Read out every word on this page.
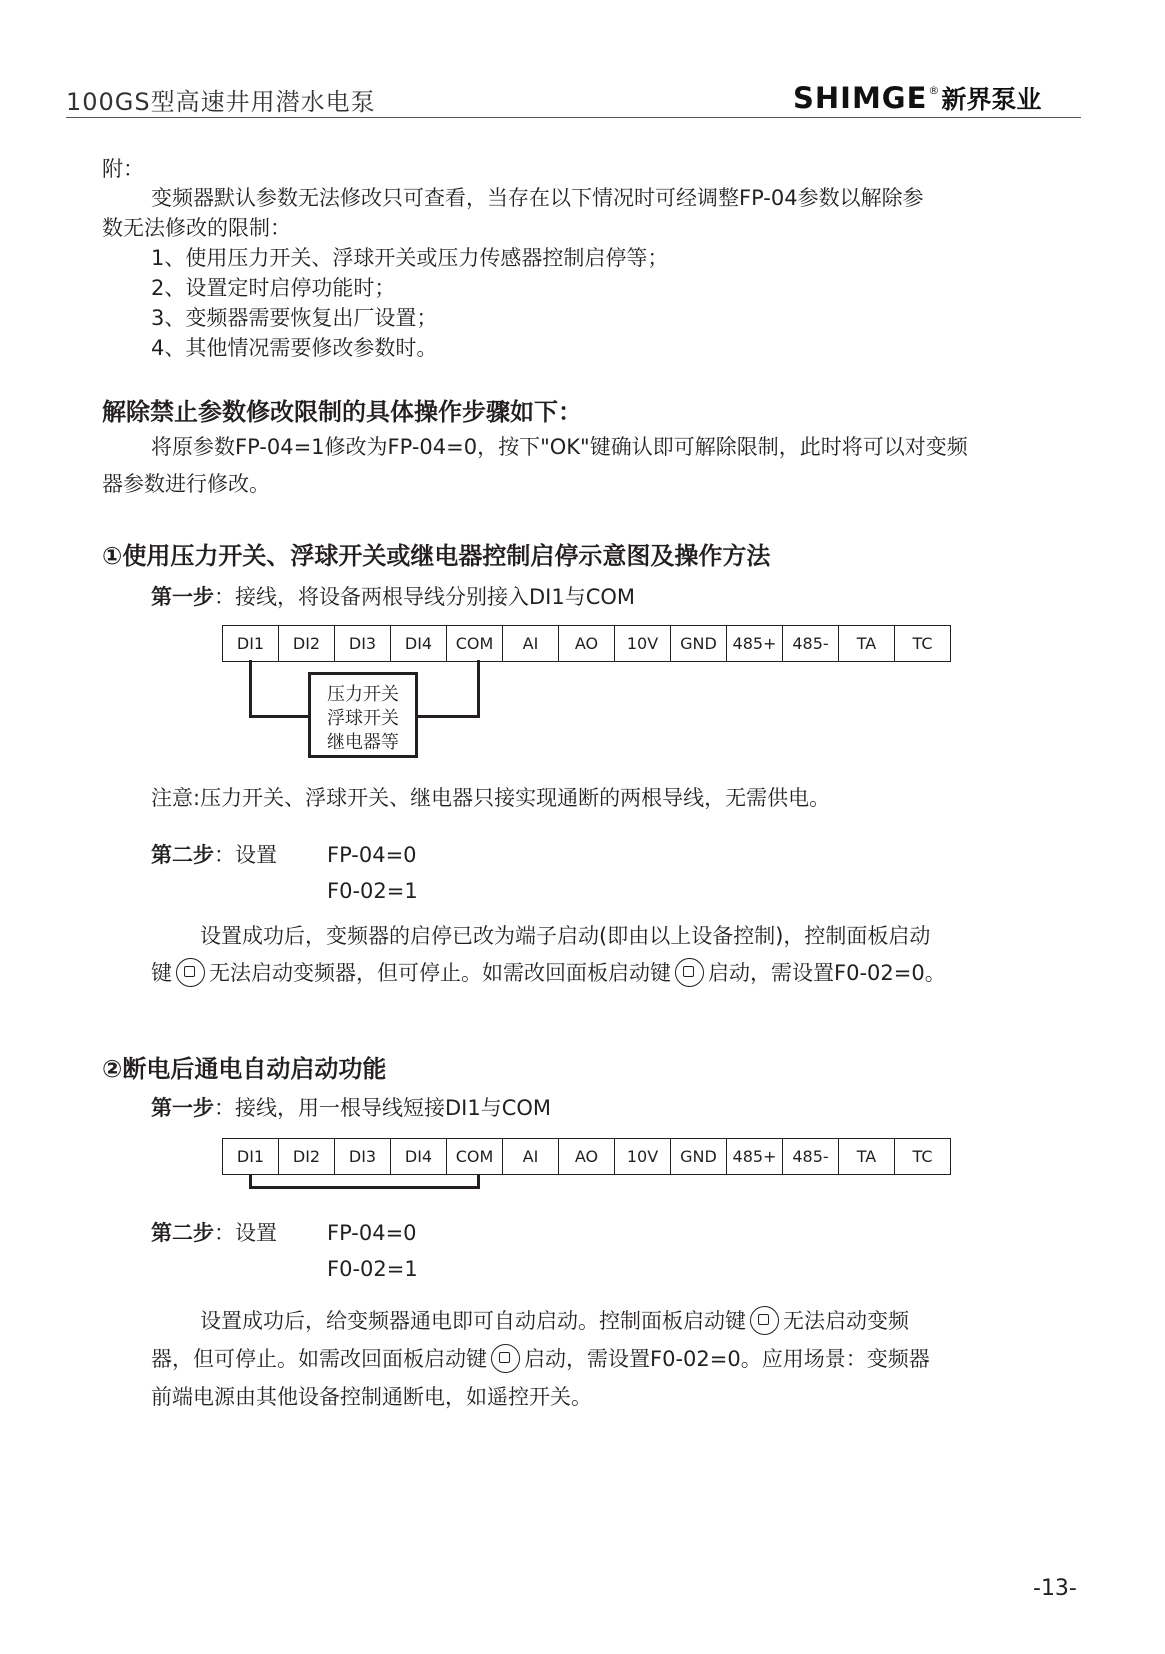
100GS型高速井用潜水电泵	SHIMGE®新界泵业
附：
变频器默认参数无法修改只可查看，当存在以下情况时可经调整FP-04参数以解除参
数无法修改的限制：
1、使用压力开关、浮球开关或压力传感器控制启停等；
2、设置定时启停功能时；
3、变频器需要恢复出厂设置；
4、其他情况需要修改参数时。
解除禁止参数修改限制的具体操作步骤如下：
将原参数FP-04=1修改为FP-04=0，按下"OK"键确认即可解除限制，此时将可以对变频
器参数进行修改。
①使用压力开关、浮球开关或继电器控制启停示意图及操作方法
第一步：接线，将设备两根导线分别接入DI1与COM
DI1	DI2	DI3	DI4	COM	AI	AO	10V	GND 485+ 485-	TA	TC
压力开关
浮球开关
继电器等
注意:压力开关、浮球开关、继电器只接实现通断的两根导线，无需供电。
第二步：设置 FP-04=0
F0-02=1
设置成功后，变频器的启停已改为端子启动(即由以上设备控制)，控制面板启动
键 无法启动变频器，但可停止。如需改回面板启动键 启动，需设置F0-02=0。
②断电后通电自动启动功能
第一步：接线，用一根导线短接DI1与COM
DI1	DI2	DI3	DI4	COM	AI	AO	10V	GND 485+ 485-	TA	TC
第二步：设置 FP-04=0
F0-02=1
设置成功后，给变频器通电即可自动启动。控制面板启动键 无法启动变频
器，但可停止。如需改回面板启动键 启动，需设置F0-02=0。应用场景：变频器
前端电源由其他设备控制通断电，如遥控开关。
-13-
